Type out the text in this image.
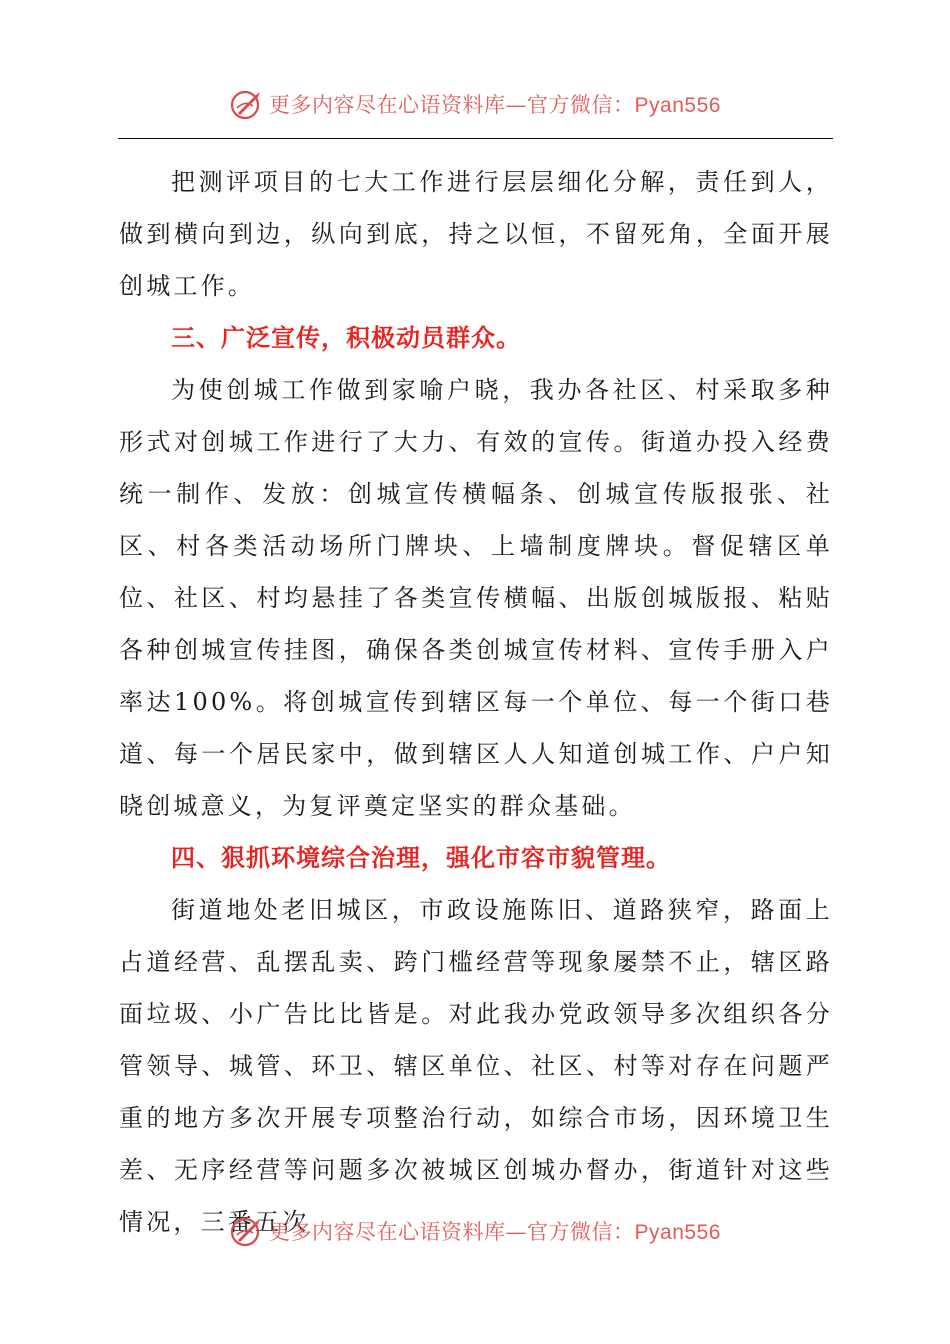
更多内容尽在心语资料库—官方微信：Pyan556

把测评项目的七大工作进行层层细化分解，责任到人，做到横向到边，纵向到底，持之以恒，不留死角，全面开展创城工作。

三、广泛宣传，积极动员群众。

为使创城工作做到家喻户晓，我办各社区、村采取多种形式对创城工作进行了大力、有效的宣传。街道办投入经费统一制作、发放：创城宣传横幅条、创城宣传版报张、社区、村各类活动场所门牌块、上墙制度牌块。督促辖区单位、社区、村均悬挂了各类宣传横幅、出版创城版报、粘贴各种创城宣传挂图，确保各类创城宣传材料、宣传手册入户率达100%。将创城宣传到辖区每一个单位、每一个街口巷道、每一个居民家中，做到辖区人人知道创城工作、户户知晓创城意义，为复评奠定坚实的群众基础。

四、狠抓环境综合治理，强化市容市貌管理。

街道地处老旧城区，市政设施陈旧、道路狭窄，路面上占道经营、乱摆乱卖、跨门槛经营等现象屡禁不止，辖区路面垃圾、小广告比比皆是。对此我办党政领导多次组织各分管领导、城管、环卫、辖区单位、社区、村等对存在问题严重的地方多次开展专项整治行动，如综合市场，因环境卫生差、无序经营等问题多次被城区创城办督办，街道针对这些情况，三番五次

更多内容尽在心语资料库—官方微信：Pyan556
